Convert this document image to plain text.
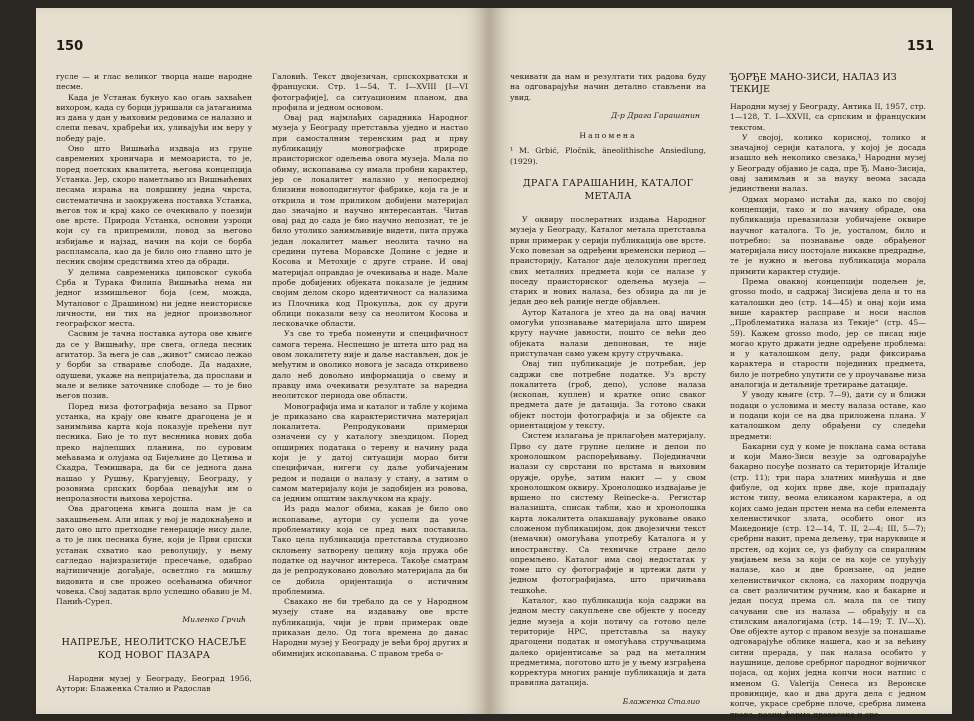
150

гусле — и глас великог творца наше народне песме.

Када је Устанак букнуо као огањ захваћен вихором, када су борци јуришали са јатаганима из дана у дан у њиховим редовима се налазио и слепи певач, храбрећи их, уливајући им веру у победу раје.

Оно што Вишњића издваја из групе савремених хроничара и мемоариста, то је, поред поетских квалитета, његова концепција Устанка. Јер, скоро наметљиво из Вишњићевих песама израња на површину једна чврста, систематична и заокружена поставка Устанка, његов ток и крај како се очекивало у поезији ове врсте. Природа Устанка, основни узроци који су га припремили, повод за његово избијање и најзад, начин на који се борба распламсала, као да је било оно главно што је песник својим средствима хтео да обради.

У делима савременика циповског сукоба Срба и Турака Филипа Вишњића нема ни једног измишљеног боја (сем, можда, Мутаповог с Драшином) ни једне неисториске личности, ни тих на једног произвољног географског места.

Сасвим је тачна поставка аутора ове књиге да се у Вишњићу, пре свега, огледа песник агитатор. За њега је сав ,,живот“ смисао лежао у борби за стварање слободе. Да надахне, одушеви, укаже на непријатеља, да прослави и мале и велике заточнике слободе — то је био његов позив.

Поред низа фотографија везано за Првог устанка, на крају ове књиге драгоцена је и занимљива карта која показује прећени пут песника. Био је то пут веснника нових доба преко најлепших планина, по суровим мећавама и олујама од Бијељине до Цетиња и Скадра, Темишвара, да би се једнога дана нашао у Рушњу, Крагујевцу, Београду, у розовима српских борбаа певајући им о непролазности њихова херојства.

Ова драгоцена књига дошла нам је са закашњењем. Али ипак у њој је надокнађено и дато оно што претходне генерације нису дале, а то је лик песника буне, који је Први српски устанак схватио као револуцију, у њему сагледао најизразитије пресечање, одабрао најтипичније догађаје, осветлио га мишљу видовита и све прожео осећањима обичног човека. Свој задатак врло успешно обавио је М. Панић-Сурел.

Миленко Грчић
НАПРЕЉЕ, НЕОЛИТСКО НАСЕЉЕ КОД НОВОГ ПАЗАРА

Народни музеј у Београду, Београд 1956, Аутори: Блаженка Сталио и Радослав

Галовић. Текст двојезичан, српскохрватски и француски. Стр. 1—54, Т. I—XVIII [I—VI фотографије], са ситуационим планом, два профила и једном основом.

Овај рад најмлађих сарадника Народног музеја у Београду претставља уједно и настао при самосталним теренским рад и прву публикацију монографске природе праисториског одељења овога музеја. Мала по обиму, ископавања су имала пробни карактер, јер се локалитет налазио у непосредној близини новоподигнутог фабрике, која га је и открила и том приликом добијени материјал дао значајно и научно интересантан. Читав овај рад до сада је био научно непознат, те је било утолико занимљивије видети, пита пружа један локалитет мањег неолита тачно на средини путева Моравске Долине с једне и Косова и Метохије с друге стране. И овај материјал оправдао је очекивања и наде. Мале пробе добијених објеката показале је једним својим делом скоро идентичност са налазима из Плочника код Прокупља, док су други облици показали везу са неолитом Косова и лесковачке области.

Уз све то треба поменути и специфичност самога терена. Неспешно је штета што рад на овом локалитету није и даље настављен, док је међутим и оволико новога је засада откривено дало неб довољно информација о свему и правцу има очекивати резултате за наредна неолитског периода ове области.

Монографија има и каталог и табле у којима је приказано сва карактеристична материјал локалитета. Репродуковани примерци означени су у каталогу звездицом. Поред опширних података о терену и начину рада који је у датој ситуацији морао бити специфичан, нигеги су даље уобичајеним редом и подаци о налазу у стану, а затим о самом материјалу који је задобијен из ровова, са једним општим закључком на крају.

Из рада малог обима, какав је било ово ископавање, аутори су успели да уоче проблематику која се пред њих поставила. Тако цела публикација претставља студиозно склоњену затворену целину која пружа обе податке од научног интереса. Такође сматрам да је репродуковано довољно материјала да би се добила оријентација о истичним проблемима.

Свакако не би требало да се у Народном музеју стане на издавању ове врсте публикација, чији је први примерак овде приказан дело. Од тога времена до данас Народни музеј у Београду је већи број других и обимнијих ископавања. С правом треба о-

151

чекивати да нам и резултати тих радова буду на одговарајући начин детално стављени на увид.

Д-р Драга Гарашанин
Напомена

¹ М. Grbić, Pločnik, äneolithische Ansiedlung, (1929).

ДРАГА ГАРАШАНИН, КАТАЛОГ МЕТАЛА

У оквиру послератних издања Народног музеја у Београду, Каталог метала претставља први примерак у серији публикација ове врсте. Уско повезан за одређени временски период — праисторију, Каталог даје целокупни преглед свих металних предмета који се налазе у поседу праисториског одељења музеја — старих и нових налаза, без обзира да ли је један део већ раније негде објављен.

Аутор Каталога је хтео да на овај начин омогући упознавање материјала што ширем кругу научне јавности, пошто се већи део објеката налази депонован, те није приступачан само ужем кругу стручњака.

Овај тип публикације је потребан, јер садржи све потребне податке. Уз врсту локалитета (гроб, депо), услове налаза (ископан, куплен) и краткe опис сваког предмета дате је датација. За готово сваки објект постоји фотографија и за објекте са ориентацијом у тексту.

Систем излагања је прилагођен материјалу. Прво су дате групне целине и депои по хронолошком распоређивању. Појединачни налази су сврстани по врстама и њиховим оружје, оруђе, затим накит — у свом хронолошком оквиру. Хронолошко издвајање је вршено по систему Reinecke-a. Регистар налазишта, списак табли, као и хронолошка карта локалитета олакшавају руковање овако сложеном публикацијом, док двојезични текст (немачки) омогућава употребу Каталога и у иностранству. Са техничке стране дело опремљено. Каталог има свој недостатак у томе што су фотографије и цртежи дати у једном фотографијама, што причињава тешкоће.

Каталог, као публикација која садржи на једном месту сакупљене све објекте у поседу једне музеја а који потичу са готово целе територије НРС, претставља за науку драгоцени податак и омогућава стручњацима далеко оријентисање за рад на металним предметима, поготово што је у њему изграђена корректура многих раније публикација и дата правилна датација.

Блаженка Сталио
ЂОРЂЕ МАНО-ЗИСИ, НАЛАЗ ИЗ ТЕКИЈЕ

Народни музеј у Београду, Антика II, 1957, стр. 1—128, Т. I—XXVII, са српским и француским текстом.

У својој, колико корисној, толико и значајној серији каталога, у којој је досада изашло већ неколико свезака,¹ Народни музеј у Београду објавио је сада, пре Ђ. Мано-Зисија, овај занимљив и за науку веома засада јединствени налаз.

Одмах морамо истаћи да, како по својој концепцији, тако и по начину обраде, ова публикација превазилази уобичајене оквире научног каталога. То је, уосталом, било и потребно: за познавање овде обрађеног материјала нису постојале никакве предрадње, те је нужно и његова публикација морала примити карактер студије.

Према оваквој концепцији подељен је, grosso modo, и садржај Зисијева дела и то на каталошки део (стр. 14—45) и онај који има више карактер расправе и носи наслов ,,Проблематика налаза из Текије“ (стр. 45—59). Кажем grosso modo, јер се писац није могао круто држати једне одређене проблема: и у каталошком делу, ради фиксирања карактера и старости појединих предмета, било је потребно упутити се у проучавање низа аналогија и детаљније третирање датације.

У уводу књиге (стр. 7—9), дати су и ближи подаци о условима и месту налаза оставе, као и подаци који се на два приложена плана. У каталошком делу обрађени су следећи предмети:

Бакарни суд у коме је поклана сама остава и који Мано-Зиси везује за одговарајуће бакарно посуђе познато са територије Италије (стр. 11); три пара златних минђуша и две фибуле, од којих прве две, које припадају истом типу, веома еликаном карактера, а од којих само један прстен нема на себи елемента хеленистичког злата, особито оног из Македоније (стр. 12—14, Т. II, 2—4; III, 5—7); сребрни накит, према дељењу, три наруквице и прстен, од којих се, уз фибулу са спиралним увијањем веза за који се на које се упућују налазе, као и две бронзане, од једне хелениствичког склона, са лахорим подручја са свет различитим ручним, као и бакарне и један посуд према сл. мала па се типу сачувани све из налаза — обрађују и са стилским аналогијама (стр. 14—19; Т. IV—X). Ове објекте аутор с правом везује за понашање одговарајуће облике нашега, као и за већину ситни прерада, у пак налаза особито у наушнице, делове сребрног пародног војничког појаса, од којих једна копчи носи натпис с именом G. Valeriја Сенеса из Веронске провинције, као и два друга дела с једном копче, украсе сребрне плоче, сребрна лимена трака, разни форме правасака и сре-
